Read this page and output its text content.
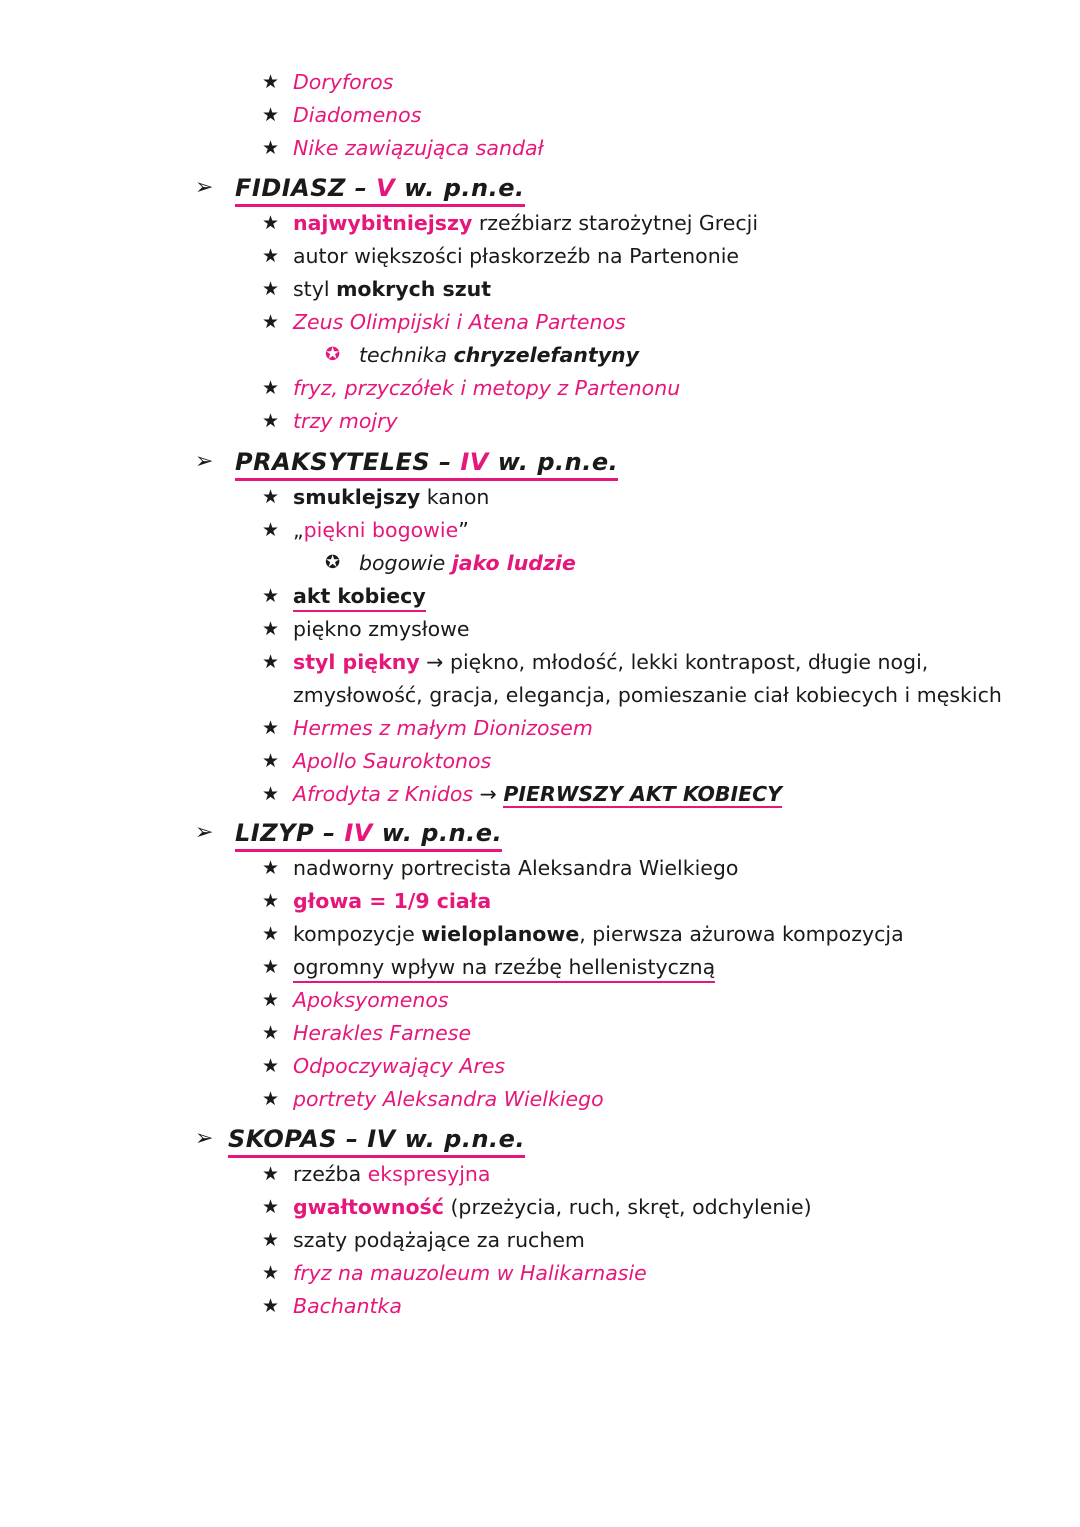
★ Doryforos
★ Diadomenos
★ Nike zawiązująca sandał
➢ FIDIASZ – V w. p.n.e.
★ najwybitniejszy rzeźbiarz starożytnej Grecji
★ autor większości płaskorzeźb na Partenonie
★ styl mokrych szut
★ Zeus Olimpijski i Atena Partenos
✪ technika chryzelefantyny
★ fryz, przyczółek i metopy z Partenonu
★ trzy mojry
➢ PRAKSYTELES – IV w. p.n.e.
★ smuklejszy kanon
★ „piękni bogowie”
✪ bogowie jako ludzie
★ akt kobiecy
★ piękno zmysłowe
★ styl piękny → piękno, młodość, lekki kontrapost, długie nogi,
zmysłowość, gracja, elegancja, pomieszanie ciał kobiecych i męskich
★ Hermes z małym Dionizosem
★ Apollo Sauroktonos
★ Afrodyta z Knidos → PIERWSZY AKT KOBIECY
➢ LIZYP – IV w. p.n.e.
★ nadworny portrecista Aleksandra Wielkiego
★ głowa = 1/9 ciała
★ kompozycje wieloplanowe, pierwsza ażurowa kompozycja
★ ogromny wpływ na rzeźbę hellenistyczną
★ Apoksyomenos
★ Herakles Farnese
★ Odpoczywający Ares
★ portrety Aleksandra Wielkiego
➢ SKOPAS – IV w. p.n.e.
★ rzeźba ekspresyjna
★ gwałtowność (przeżycia, ruch, skręt, odchylenie)
★ szaty podążające za ruchem
★ fryz na mauzoleum w Halikarnasie
★ Bachantka
